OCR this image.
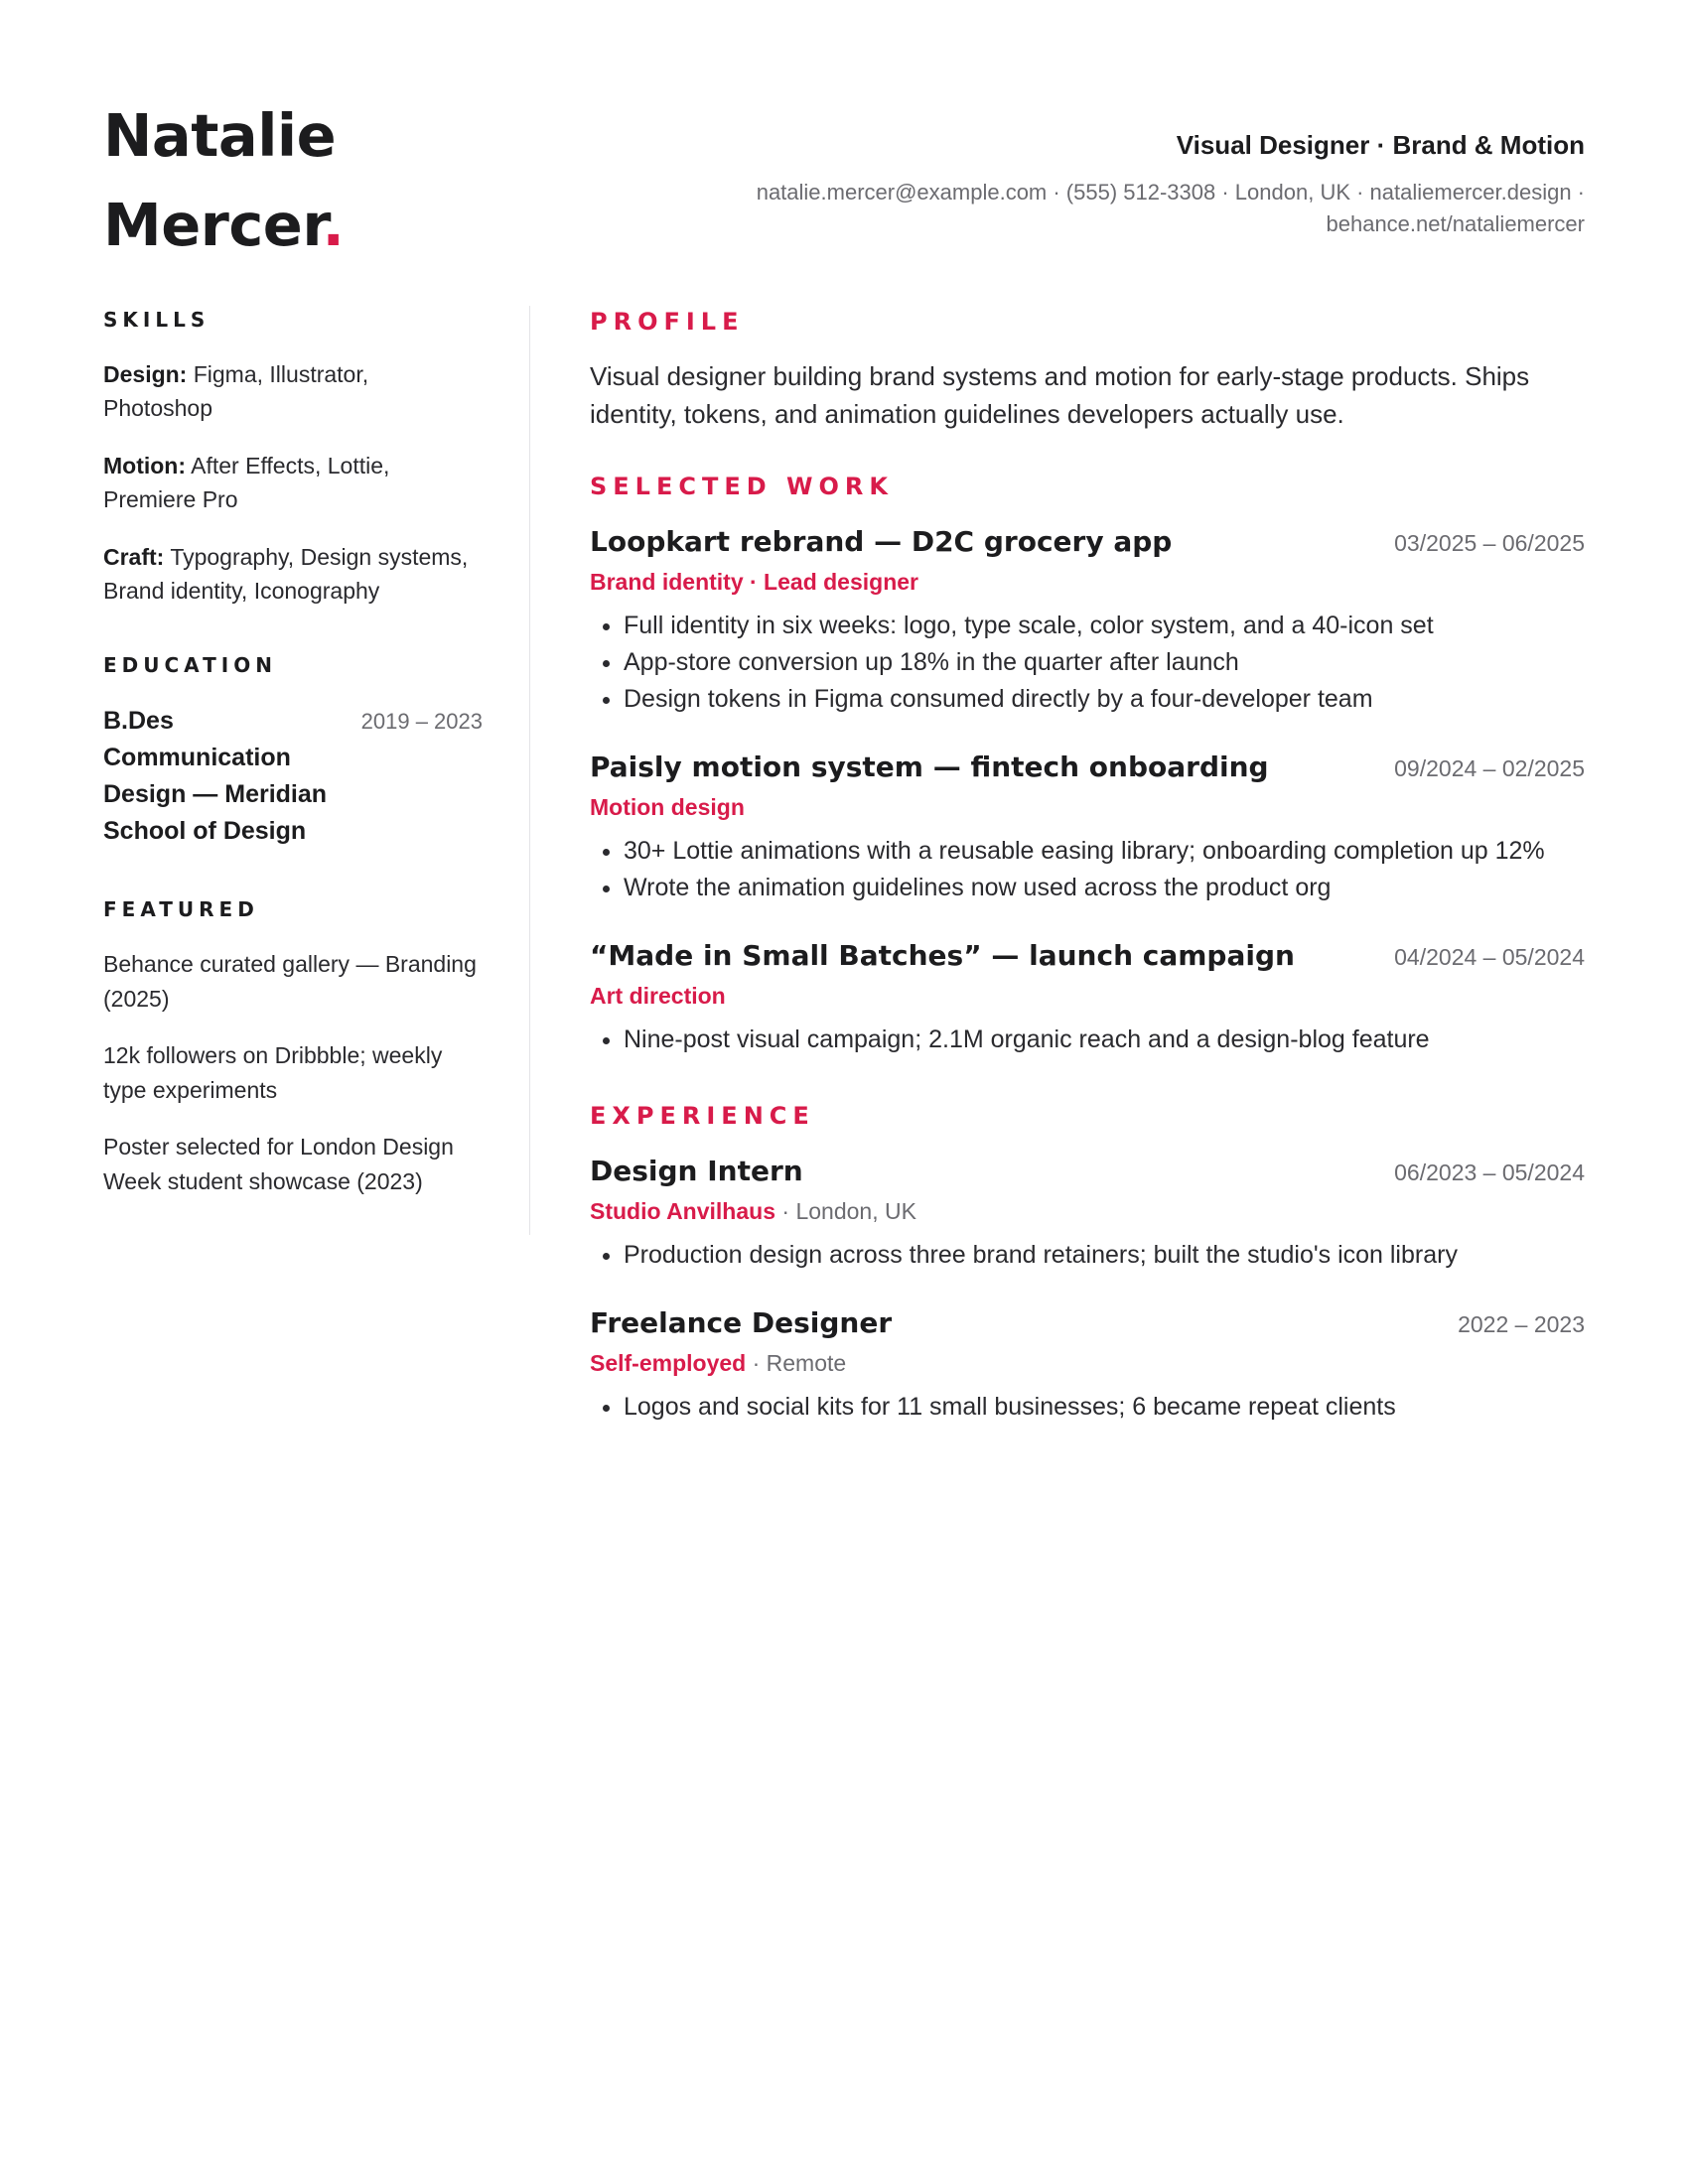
Natalie
Mercer.
Visual Designer · Brand & Motion
natalie.mercer@example.com · (555) 512-3308 · London, UK · nataliemercer.design ·
behance.net/nataliemercer
SKILLS
Design: Figma, Illustrator, Photoshop
Motion: After Effects, Lottie, Premiere Pro
Craft: Typography, Design systems, Brand identity, Iconography
EDUCATION
B.Des Communication Design — Meridian School of Design
2019 – 2023
FEATURED
Behance curated gallery — Branding (2025)
12k followers on Dribbble; weekly type experiments
Poster selected for London Design Week student showcase (2023)
PROFILE

Visual designer building brand systems and motion for early-stage products. Ships identity, tokens, and animation guidelines developers actually use.

SELECTED WORK
Loopkart rebrand — D2C grocery app	03/2025 – 06/2025
Brand identity · Lead designer
• Full identity in six weeks: logo, type scale, color system, and a 40-icon set
• App-store conversion up 18% in the quarter after launch
• Design tokens in Figma consumed directly by a four-developer team
Paisly motion system — fintech onboarding	09/2024 – 02/2025
Motion design
• 30+ Lottie animations with a reusable easing library; onboarding completion up 12%
• Wrote the animation guidelines now used across the product org
“Made in Small Batches” — launch campaign	04/2024 – 05/2024
Art direction
• Nine-post visual campaign; 2.1M organic reach and a design-blog feature
EXPERIENCE
Design Intern	06/2023 – 05/2024
Studio Anvilhaus · London, UK
• Production design across three brand retainers; built the studio's icon library
Freelance Designer	2022 – 2023
Self-employed · Remote
• Logos and social kits for 11 small businesses; 6 became repeat clients
